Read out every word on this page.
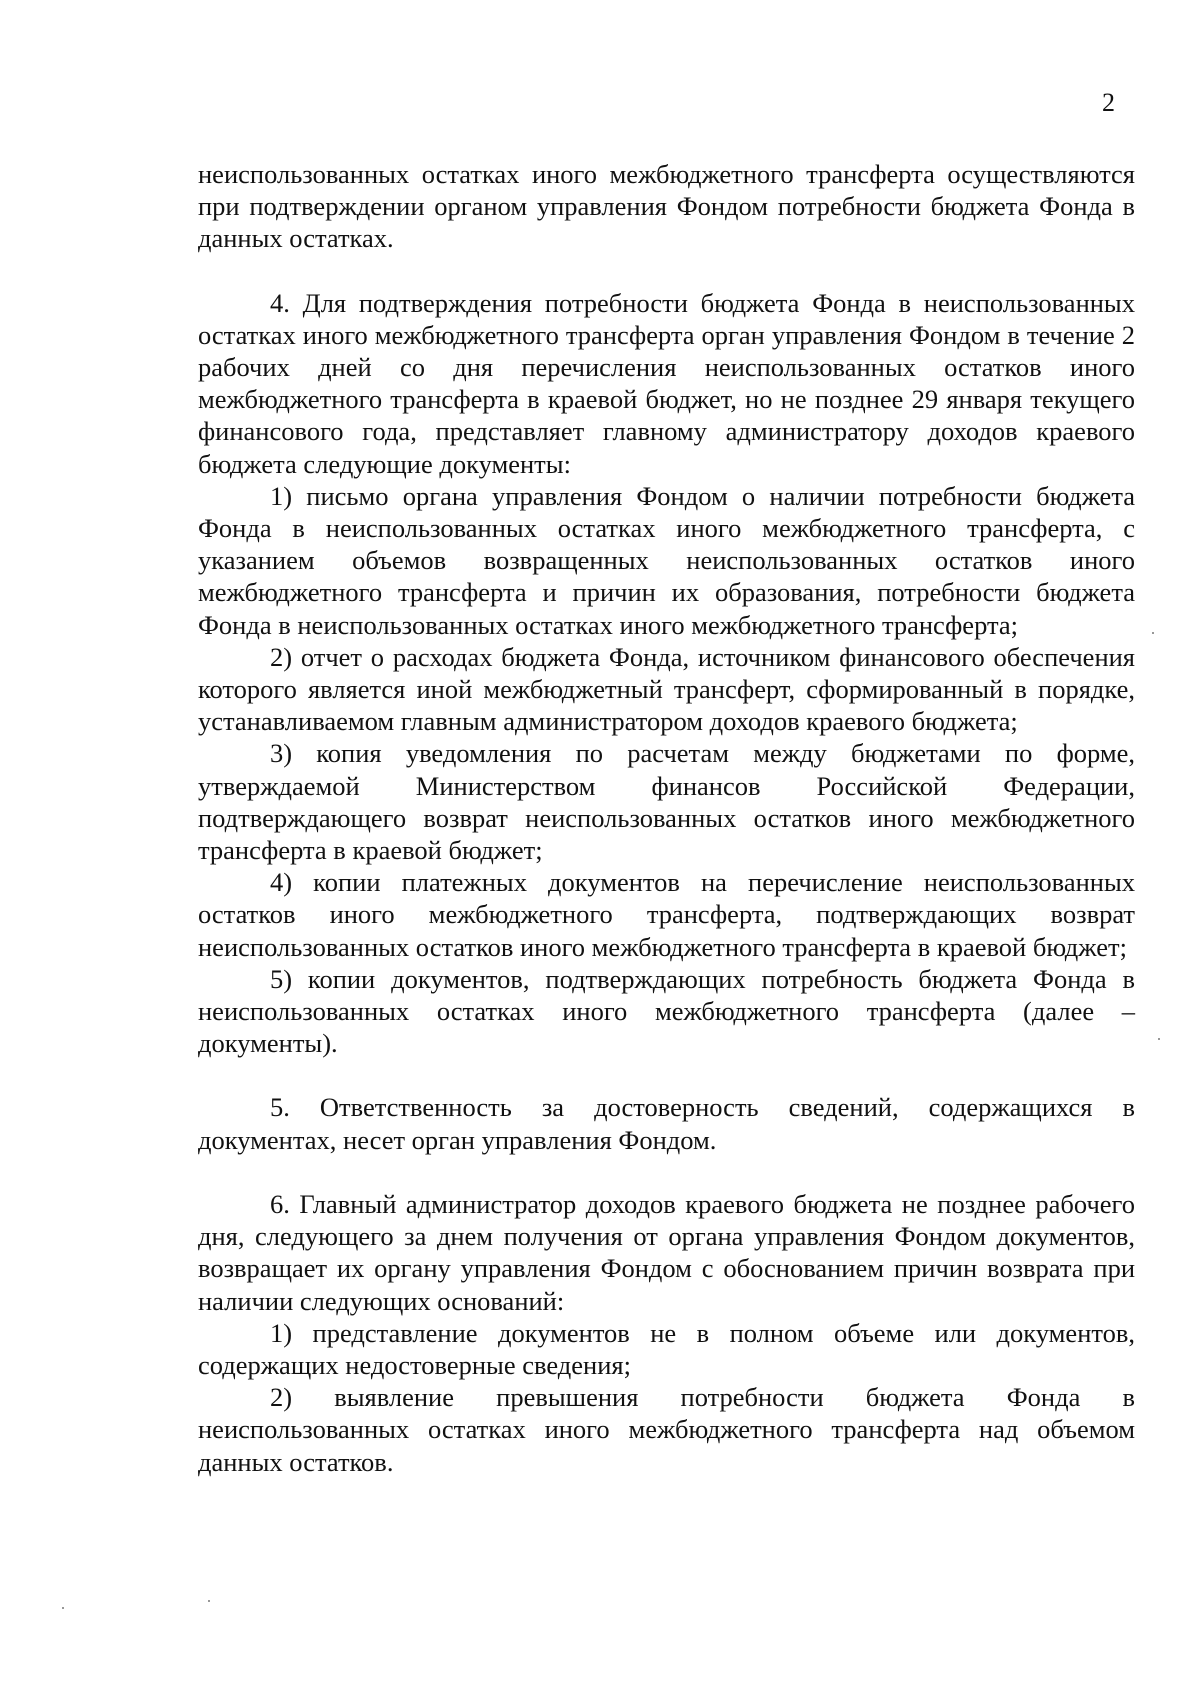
2

неиспользованных остатках иного межбюджетного трансферта осуществляются при подтверждении органом управления Фондом потребности бюджета Фонда в данных остатках.

4. Для подтверждения потребности бюджета Фонда в неиспользованных остатках иного межбюджетного трансферта орган управления Фондом в течение 2 рабочих дней со дня перечисления неиспользованных остатков иного межбюджетного трансферта в краевой бюджет, но не позднее 29 января текущего финансового года, представляет главному администратору доходов краевого бюджета следующие документы:

1) письмо органа управления Фондом о наличии потребности бюджета Фонда в неиспользованных остатках иного межбюджетного трансферта, с указанием объемов возвращенных неиспользованных остатков иного межбюджетного трансферта и причин их образования, потребности бюджета Фонда в неиспользованных остатках иного межбюджетного трансферта;

2) отчет о расходах бюджета Фонда, источником финансового обеспечения которого является иной межбюджетный трансферт, сформированный в порядке, устанавливаемом главным администратором доходов краевого бюджета;

3) копия уведомления по расчетам между бюджетами по форме, утверждаемой Министерством финансов Российской Федерации, подтверждающего возврат неиспользованных остатков иного межбюджетного трансферта в краевой бюджет;

4) копии платежных документов на перечисление неиспользованных остатков иного межбюджетного трансферта, подтверждающих возврат неиспользованных остатков иного межбюджетного трансферта в краевой бюджет;

5) копии документов, подтверждающих потребность бюджета Фонда в неиспользованных остатках иного межбюджетного трансферта (далее – документы).

5. Ответственность за достоверность сведений, содержащихся в документах, несет орган управления Фондом.

6. Главный администратор доходов краевого бюджета не позднее рабочего дня, следующего за днем получения от органа управления Фондом документов, возвращает их органу управления Фондом с обоснованием причин возврата при наличии следующих оснований:

1) представление документов не в полном объеме или документов, содержащих недостоверные сведения;

2) выявление превышения потребности бюджета Фонда в неиспользованных остатках иного межбюджетного трансферта над объемом данных остатков.
